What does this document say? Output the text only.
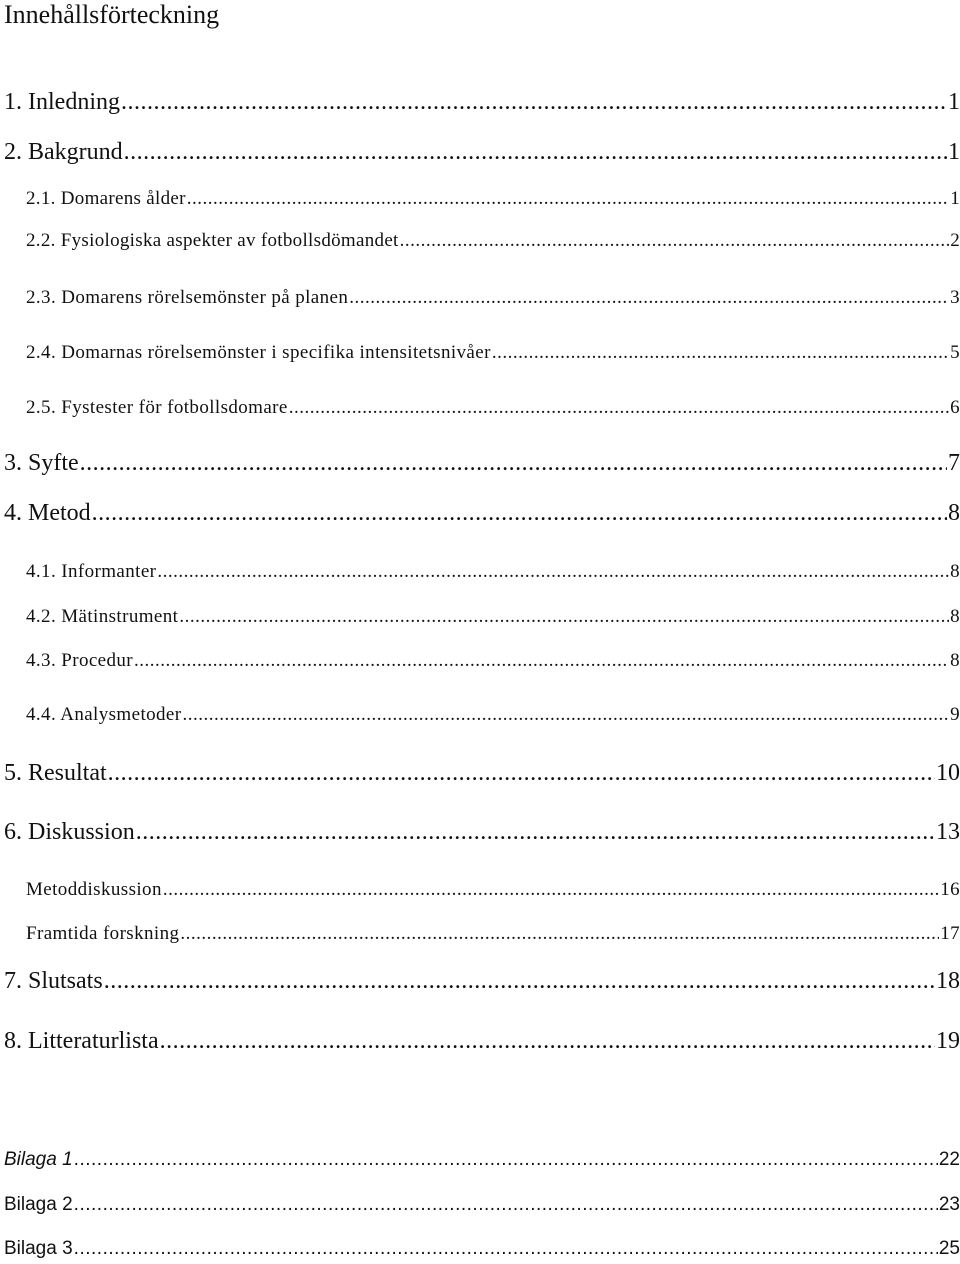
Innehållsförteckning
1. Inledning .....	1
2. Bakgrund .....	1
2.1. Domarens ålder .....	1
2.2. Fysiologiska aspekter av fotbollsdömandet .....	2
2.3. Domarens rörelsemönster på planen .....	3
2.4. Domarnas rörelsemönster i specifika intensitetsnivåer .....	5
2.5. Fystester för fotbollsdomare .....	6
3. Syfte .....	7
4. Metod .....	8
4.1. Informanter .....	8
4.2. Mätinstrument .....	8
4.3. Procedur .....	8
4.4. Analysmetoder .....	9
5. Resultat .....	10
6. Diskussion .....	13
Metoddiskussion .....	16
Framtida forskning .....	17
7. Slutsats .....	18
8. Litteraturlista .....	19
Bilaga 1 .....	22
Bilaga 2 .....	23
Bilaga 3 .....	25
